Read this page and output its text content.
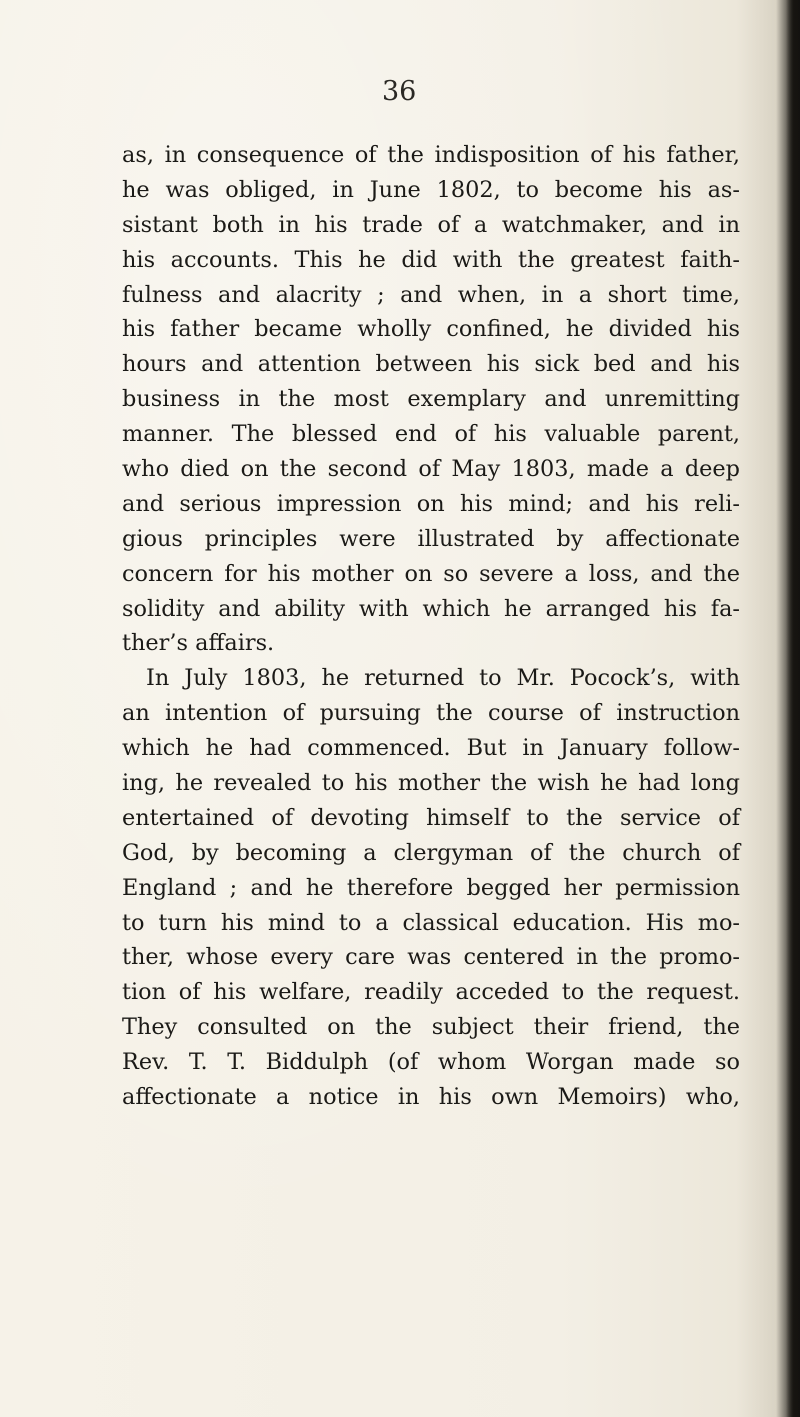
36
as, in consequence of the indisposition of his father,
he was obliged, in June 1802, to become his as-
sistant both in his trade of a watchmaker, and in
his accounts. This he did with the greatest faith-
fulness and alacrity ; and when, in a short time,
his father became wholly confined, he divided his
hours and attention between his sick bed and his
business in the most exemplary and unremitting
manner. The blessed end of his valuable parent,
who died on the second of May 1803, made a deep
and serious impression on his mind; and his reli-
gious principles were illustrated by affectionate
concern for his mother on so severe a loss, and the
solidity and ability with which he arranged his fa-
ther’s affairs.
In July 1803, he returned to Mr. Pocock’s, with
an intention of pursuing the course of instruction
which he had commenced. But in January follow-
ing, he revealed to his mother the wish he had long
entertained of devoting himself to the service of
God, by becoming a clergyman of the church of
England ; and he therefore begged her permission
to turn his mind to a classical education. His mo-
ther, whose every care was centered in the promo-
tion of his welfare, readily acceded to the request.
They consulted on the subject their friend, the
Rev. T. T. Biddulph (of whom Worgan made so
affectionate a notice in his own Memoirs) who,
